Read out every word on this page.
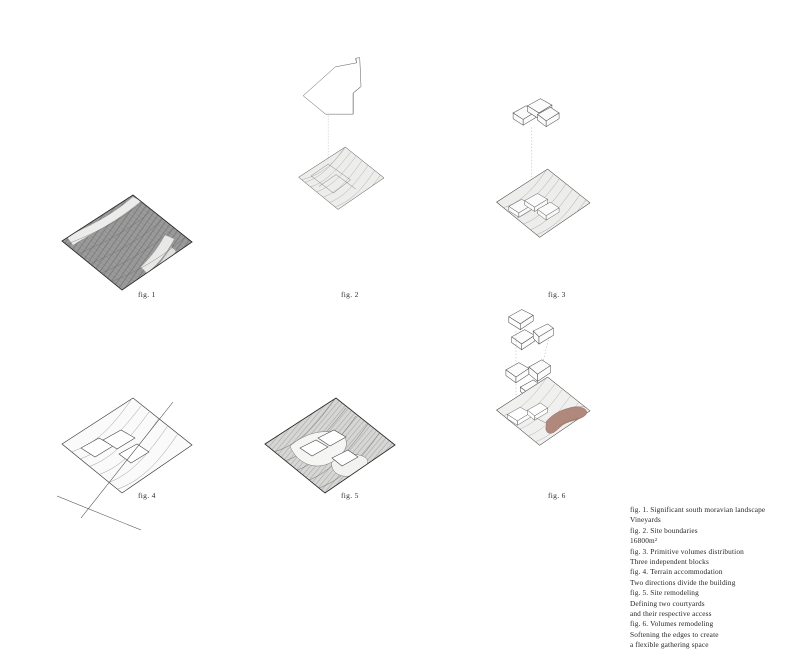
fig. 1	fig. 2	fig. 3
fig. 4	fig. 5	fig. 6
fig. 1. Significant south moravian landscape
Vineyards
fig. 2. Site boundaries
16800m²
fig. 3. Primitive volumes distribution
Three independent blocks
fig. 4. Terrain accommodation
Two directions divide the building
fig. 5. Site remodeling
Defining two courtyards
and their respective access
fig. 6. Volumes remodeling
Softening the edges to create
a flexible gathering space
